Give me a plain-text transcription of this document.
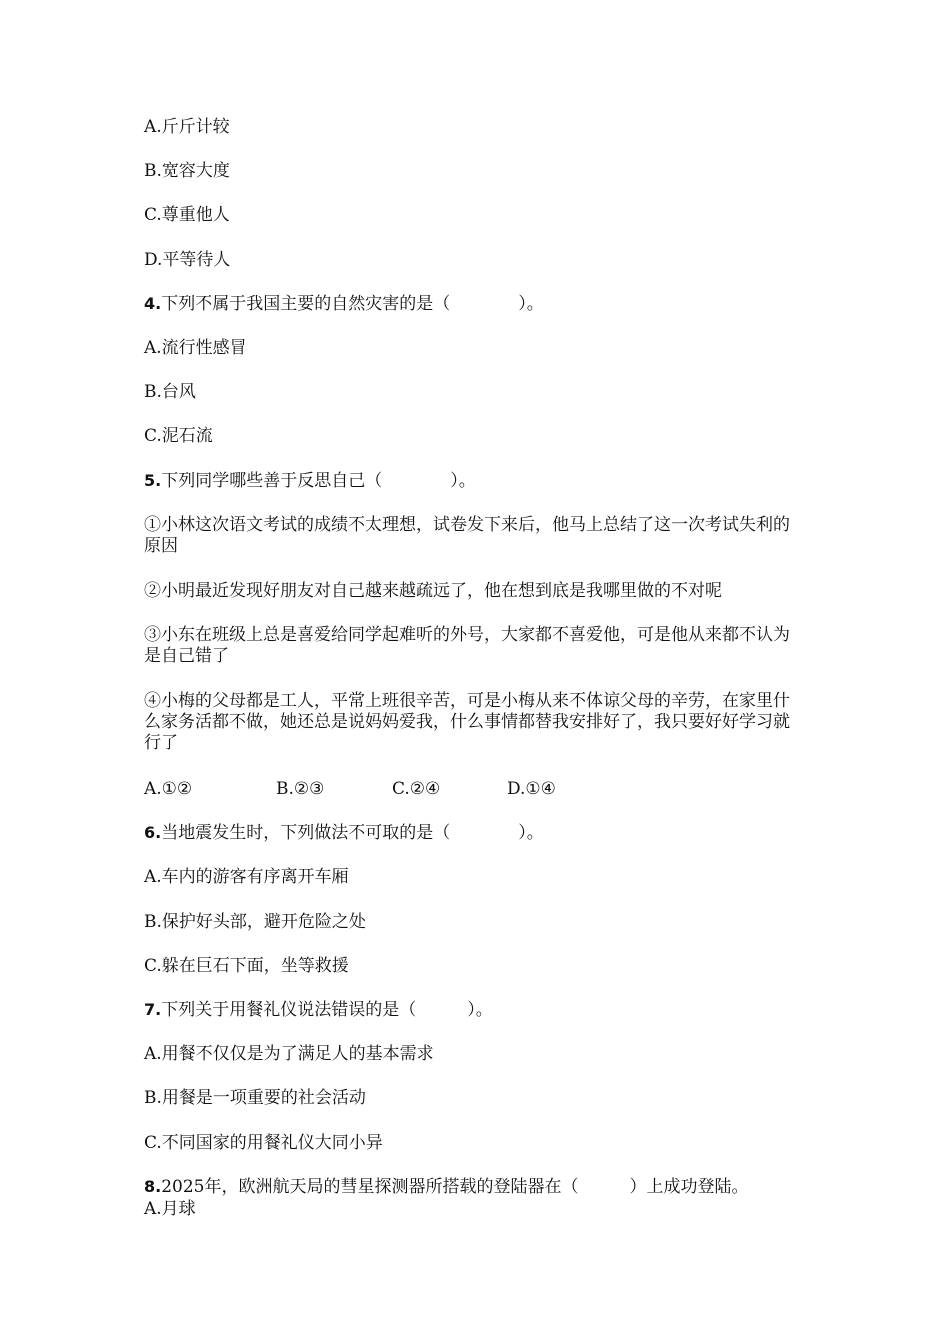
A.斤斤计较
B.宽容大度
C.尊重他人
D.平等待人
4.下列不属于我国主要的自然灾害的是（　　　　）。
A.流行性感冒
B.台风
C.泥石流
5.下列同学哪些善于反思自己（　　　　）。
①小林这次语文考试的成绩不太理想，试卷发下来后，他马上总结了这一次考试失利的原因
②小明最近发现好朋友对自己越来越疏远了，他在想到底是我哪里做的不对呢
③小东在班级上总是喜爱给同学起难听的外号，大家都不喜爱他，可是他从来都不认为是自己错了
④小梅的父母都是工人，平常上班很辛苦，可是小梅从来不体谅父母的辛劳，在家里什么家务活都不做，她还总是说妈妈爱我，什么事情都替我安排好了，我只要好好学习就行了
A.①②	B.②③	C.②④	D.①④
6.当地震发生时，下列做法不可取的是（　　　　）。
A.车内的游客有序离开车厢
B.保护好头部，避开危险之处
C.躲在巨石下面，坐等救援
7.下列关于用餐礼仪说法错误的是（　　　）。
A.用餐不仅仅是为了满足人的基本需求
B.用餐是一项重要的社会活动
C.不同国家的用餐礼仪大同小异
8.2025年，欧洲航天局的彗星探测器所搭载的登陆器在（　　　）上成功登陆。
A.月球
